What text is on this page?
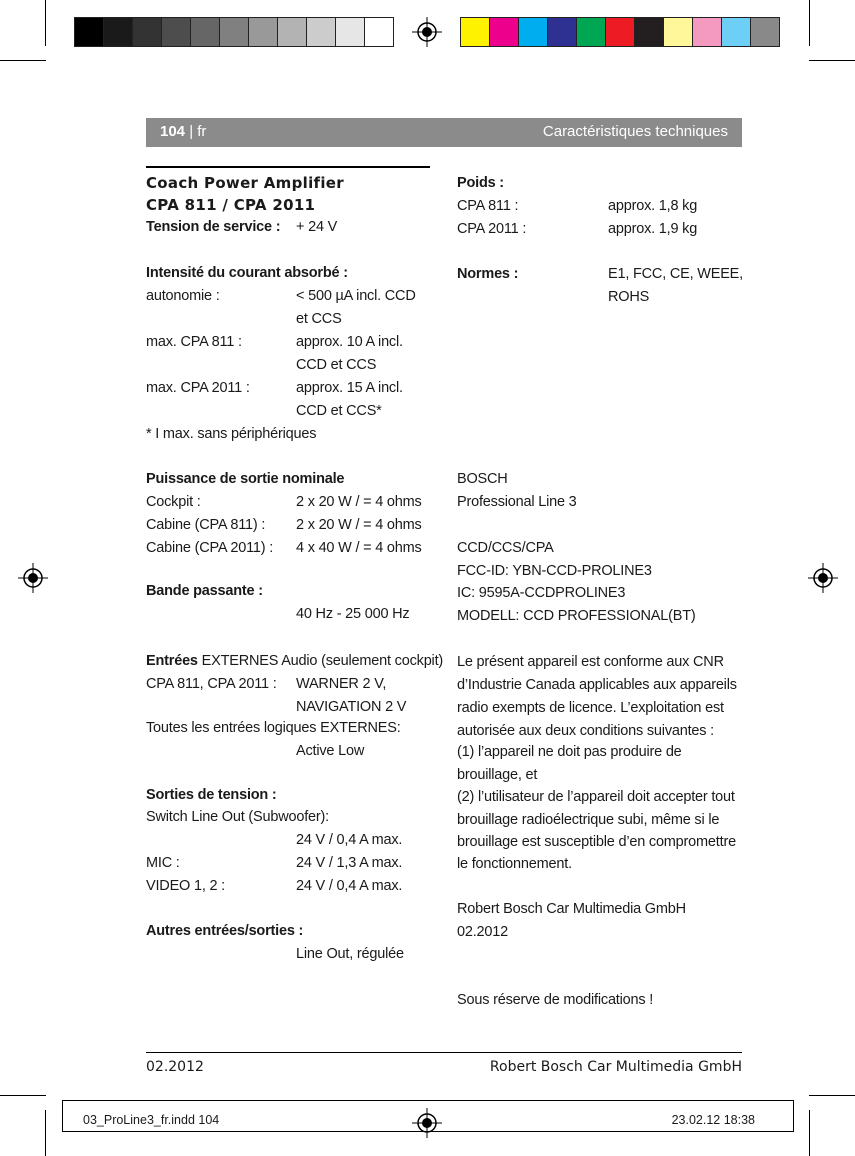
104 | fr	Caractéristiques techniques
Coach Power Amplifier
CPA 811 / CPA 2011
Tension de service : + 24 V
Intensité du courant absorbé :
autonomie :	< 500 µA incl. CCD
et CCS
max. CPA 811 :	approx. 10 A incl.
CCD et CCS
max. CPA 2011 :	approx. 15 A incl.
CCD et CCS*
* I max. sans périphériques
Puissance de sortie nominale
Cockpit :	2 x 20 W / = 4 ohms
Cabine (CPA 811) : 2 x 20 W / = 4 ohms
Cabine (CPA 2011) : 4 x 40 W / = 4 ohms
Bande passante :
40 Hz - 25 000 Hz
Entrées EXTERNES Audio (seulement cockpit)
CPA 811, CPA 2011 : WARNER 2 V,
NAVIGATION 2 V
Toutes les entrées logiques EXTERNES:
Active Low
Sorties de tension :
Switch Line Out (Subwoofer):
24 V / 0,4 A max.
MIC :	24 V / 1,3 A max.
VIDEO 1, 2 :	24 V / 0,4 A max.
Autres entrées/sorties :
Line Out, régulée
Poids :
CPA 811 :	approx. 1,8 kg
CPA 2011 :	approx. 1,9 kg
Normes :	E1, FCC, CE, WEEE,
ROHS
BOSCH
Professional Line 3
CCD/CCS/CPA
FCC-ID: YBN-CCD-PROLINE3
IC: 9595A-CCDPROLINE3
MODELL: CCD PROFESSIONAL(BT)
Le présent appareil est conforme aux CNR
d’Industrie Canada applicables aux appareils
radio exempts de licence. L’exploitation est
autorisée aux deux conditions suivantes :
(1) l’appareil ne doit pas produire de
brouillage, et
(2) l’utilisateur de l’appareil doit accepter tout
brouillage radioélectrique subi, même si le
brouillage est susceptible d’en compromettre
le fonctionnement.
Robert Bosch Car Multimedia GmbH
02.2012
Sous réserve de modifications !
02.2012	Robert Bosch Car Multimedia GmbH
03_ProLine3_fr.indd 104	23.02.12 18:38
